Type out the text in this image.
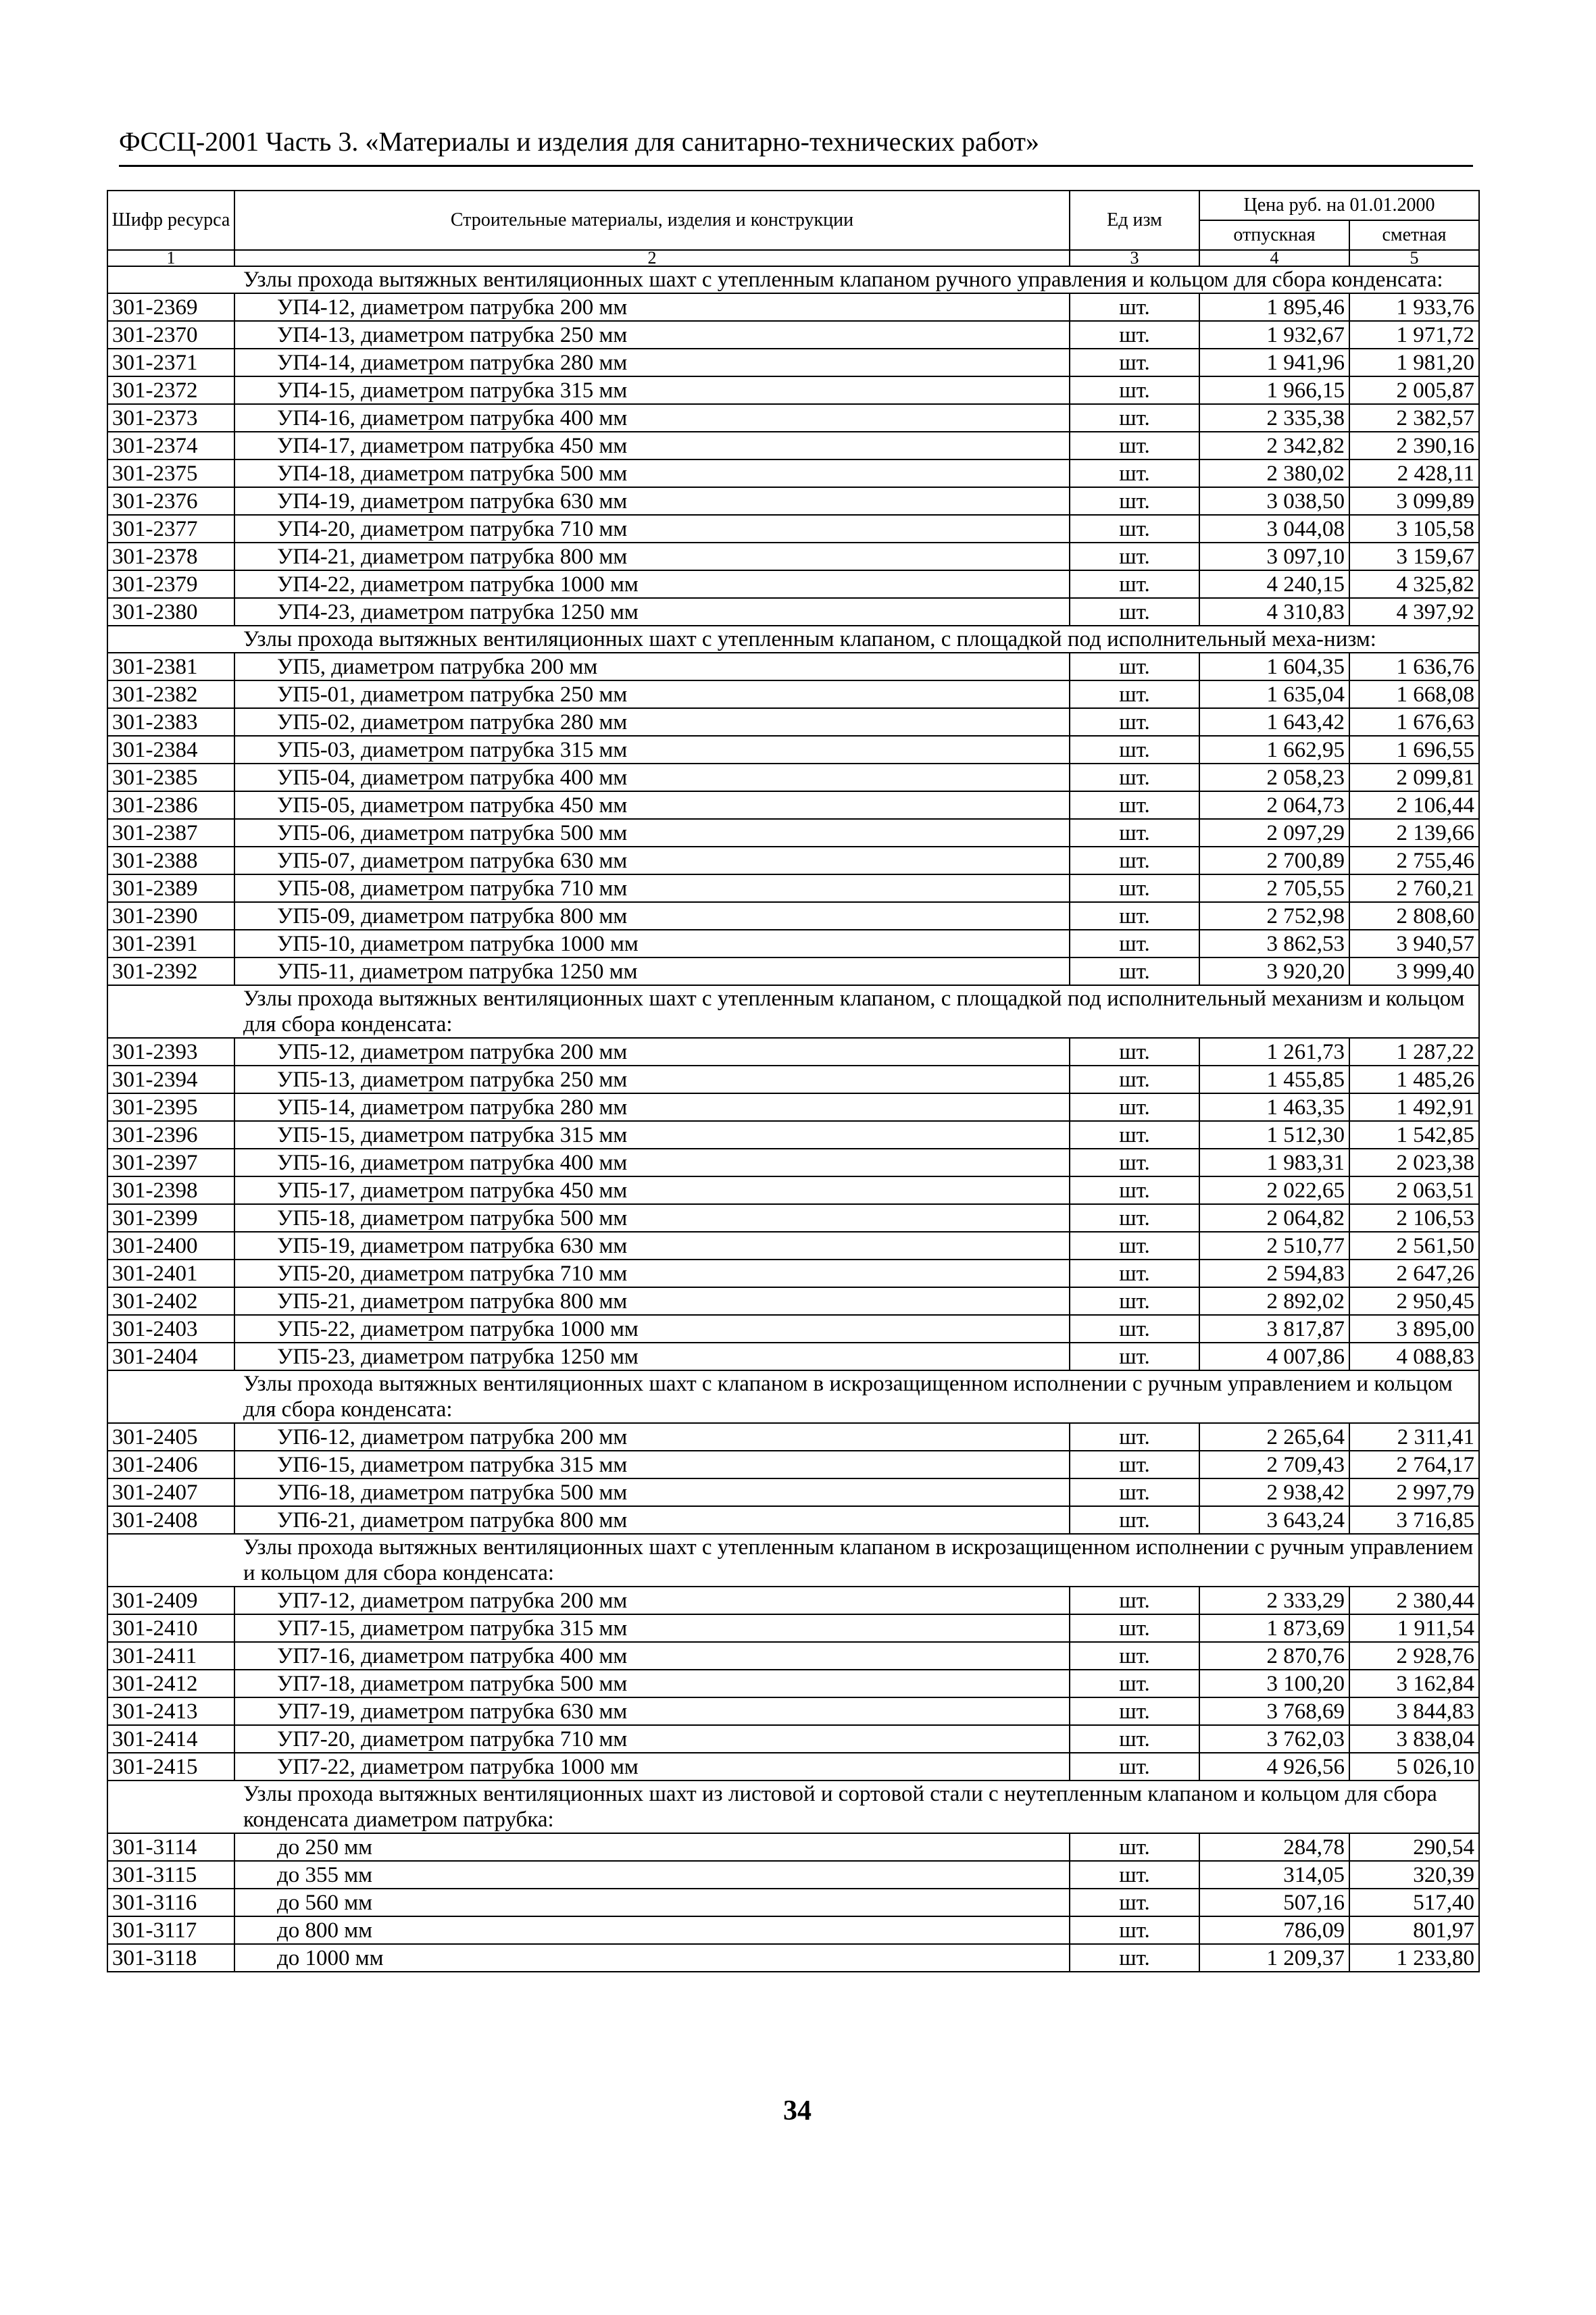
ФССЦ-2001 Часть 3. «Материалы и изделия для санитарно-технических работ»
Шифр ресурса	Строительные материалы, изделия и конструкции	Ед изм	Цена руб. на 01.01.2000	
			отпускная	сметная
1	2	3	4	5
Узлы прохода вытяжных вентиляционных шахт с утепленным клапаном ручного управления и кольцом для сбора конденсата:				
301-2369	УП4-12, диаметром патрубка 200 мм	шт.	1 895,46	1 933,76
301-2370	УП4-13, диаметром патрубка 250 мм	шт.	1 932,67	1 971,72
301-2371	УП4-14, диаметром патрубка 280 мм	шт.	1 941,96	1 981,20
301-2372	УП4-15, диаметром патрубка 315 мм	шт.	1 966,15	2 005,87
301-2373	УП4-16, диаметром патрубка 400 мм	шт.	2 335,38	2 382,57
301-2374	УП4-17, диаметром патрубка 450 мм	шт.	2 342,82	2 390,16
301-2375	УП4-18, диаметром патрубка 500 мм	шт.	2 380,02	2 428,11
301-2376	УП4-19, диаметром патрубка 630 мм	шт.	3 038,50	3 099,89
301-2377	УП4-20, диаметром патрубка 710 мм	шт.	3 044,08	3 105,58
301-2378	УП4-21, диаметром патрубка 800 мм	шт.	3 097,10	3 159,67
301-2379	УП4-22, диаметром патрубка 1000 мм	шт.	4 240,15	4 325,82
301-2380	УП4-23, диаметром патрубка 1250 мм	шт.	4 310,83	4 397,92
Узлы прохода вытяжных вентиляционных шахт с утепленным клапаном, с площадкой под исполнительный меха-низм:				
301-2381	УП5, диаметром патрубка 200 мм	шт.	1 604,35	1 636,76
301-2382	УП5-01, диаметром патрубка 250 мм	шт.	1 635,04	1 668,08
301-2383	УП5-02, диаметром патрубка 280 мм	шт.	1 643,42	1 676,63
301-2384	УП5-03, диаметром патрубка 315 мм	шт.	1 662,95	1 696,55
301-2385	УП5-04, диаметром патрубка 400 мм	шт.	2 058,23	2 099,81
301-2386	УП5-05, диаметром патрубка 450 мм	шт.	2 064,73	2 106,44
301-2387	УП5-06, диаметром патрубка 500 мм	шт.	2 097,29	2 139,66
301-2388	УП5-07, диаметром патрубка 630 мм	шт.	2 700,89	2 755,46
301-2389	УП5-08, диаметром патрубка 710 мм	шт.	2 705,55	2 760,21
301-2390	УП5-09, диаметром патрубка 800 мм	шт.	2 752,98	2 808,60
301-2391	УП5-10, диаметром патрубка 1000 мм	шт.	3 862,53	3 940,57
301-2392	УП5-11, диаметром патрубка 1250 мм	шт.	3 920,20	3 999,40
Узлы прохода вытяжных вентиляционных шахт с утепленным клапаном, с площадкой под исполнительный механизм и кольцом для сбора конденсата:				
301-2393	УП5-12, диаметром патрубка 200 мм	шт.	1 261,73	1 287,22
301-2394	УП5-13, диаметром патрубка 250 мм	шт.	1 455,85	1 485,26
301-2395	УП5-14, диаметром патрубка 280 мм	шт.	1 463,35	1 492,91
301-2396	УП5-15, диаметром патрубка 315 мм	шт.	1 512,30	1 542,85
301-2397	УП5-16, диаметром патрубка 400 мм	шт.	1 983,31	2 023,38
301-2398	УП5-17, диаметром патрубка 450 мм	шт.	2 022,65	2 063,51
301-2399	УП5-18, диаметром патрубка 500 мм	шт.	2 064,82	2 106,53
301-2400	УП5-19, диаметром патрубка 630 мм	шт.	2 510,77	2 561,50
301-2401	УП5-20, диаметром патрубка 710 мм	шт.	2 594,83	2 647,26
301-2402	УП5-21, диаметром патрубка 800 мм	шт.	2 892,02	2 950,45
301-2403	УП5-22, диаметром патрубка 1000 мм	шт.	3 817,87	3 895,00
301-2404	УП5-23, диаметром патрубка 1250 мм	шт.	4 007,86	4 088,83
Узлы прохода вытяжных вентиляционных шахт с клапаном в искрозащищенном исполнении с ручным управлением и кольцом для сбора конденсата:				
301-2405	УП6-12, диаметром патрубка 200 мм	шт.	2 265,64	2 311,41
301-2406	УП6-15, диаметром патрубка 315 мм	шт.	2 709,43	2 764,17
301-2407	УП6-18, диаметром патрубка 500 мм	шт.	2 938,42	2 997,79
301-2408	УП6-21, диаметром патрубка 800 мм	шт.	3 643,24	3 716,85
Узлы прохода вытяжных вентиляционных шахт с утепленным клапаном в искрозащищенном исполнении с ручным управлением и кольцом для сбора конденсата:				
301-2409	УП7-12, диаметром патрубка 200 мм	шт.	2 333,29	2 380,44
301-2410	УП7-15, диаметром патрубка 315 мм	шт.	1 873,69	1 911,54
301-2411	УП7-16, диаметром патрубка 400 мм	шт.	2 870,76	2 928,76
301-2412	УП7-18, диаметром патрубка 500 мм	шт.	3 100,20	3 162,84
301-2413	УП7-19, диаметром патрубка 630 мм	шт.	3 768,69	3 844,83
301-2414	УП7-20, диаметром патрубка 710 мм	шт.	3 762,03	3 838,04
301-2415	УП7-22, диаметром патрубка 1000 мм	шт.	4 926,56	5 026,10
Узлы прохода вытяжных вентиляционных шахт из листовой и сортовой стали с неутепленным клапаном и кольцом для сбора конденсата диаметром патрубка:				
301-3114	до 250 мм	шт.	284,78	290,54
301-3115	до 355 мм	шт.	314,05	320,39
301-3116	до 560 мм	шт.	507,16	517,40
301-3117	до 800 мм	шт.	786,09	801,97
301-3118	до 1000 мм	шт.	1 209,37	1 233,80
34
